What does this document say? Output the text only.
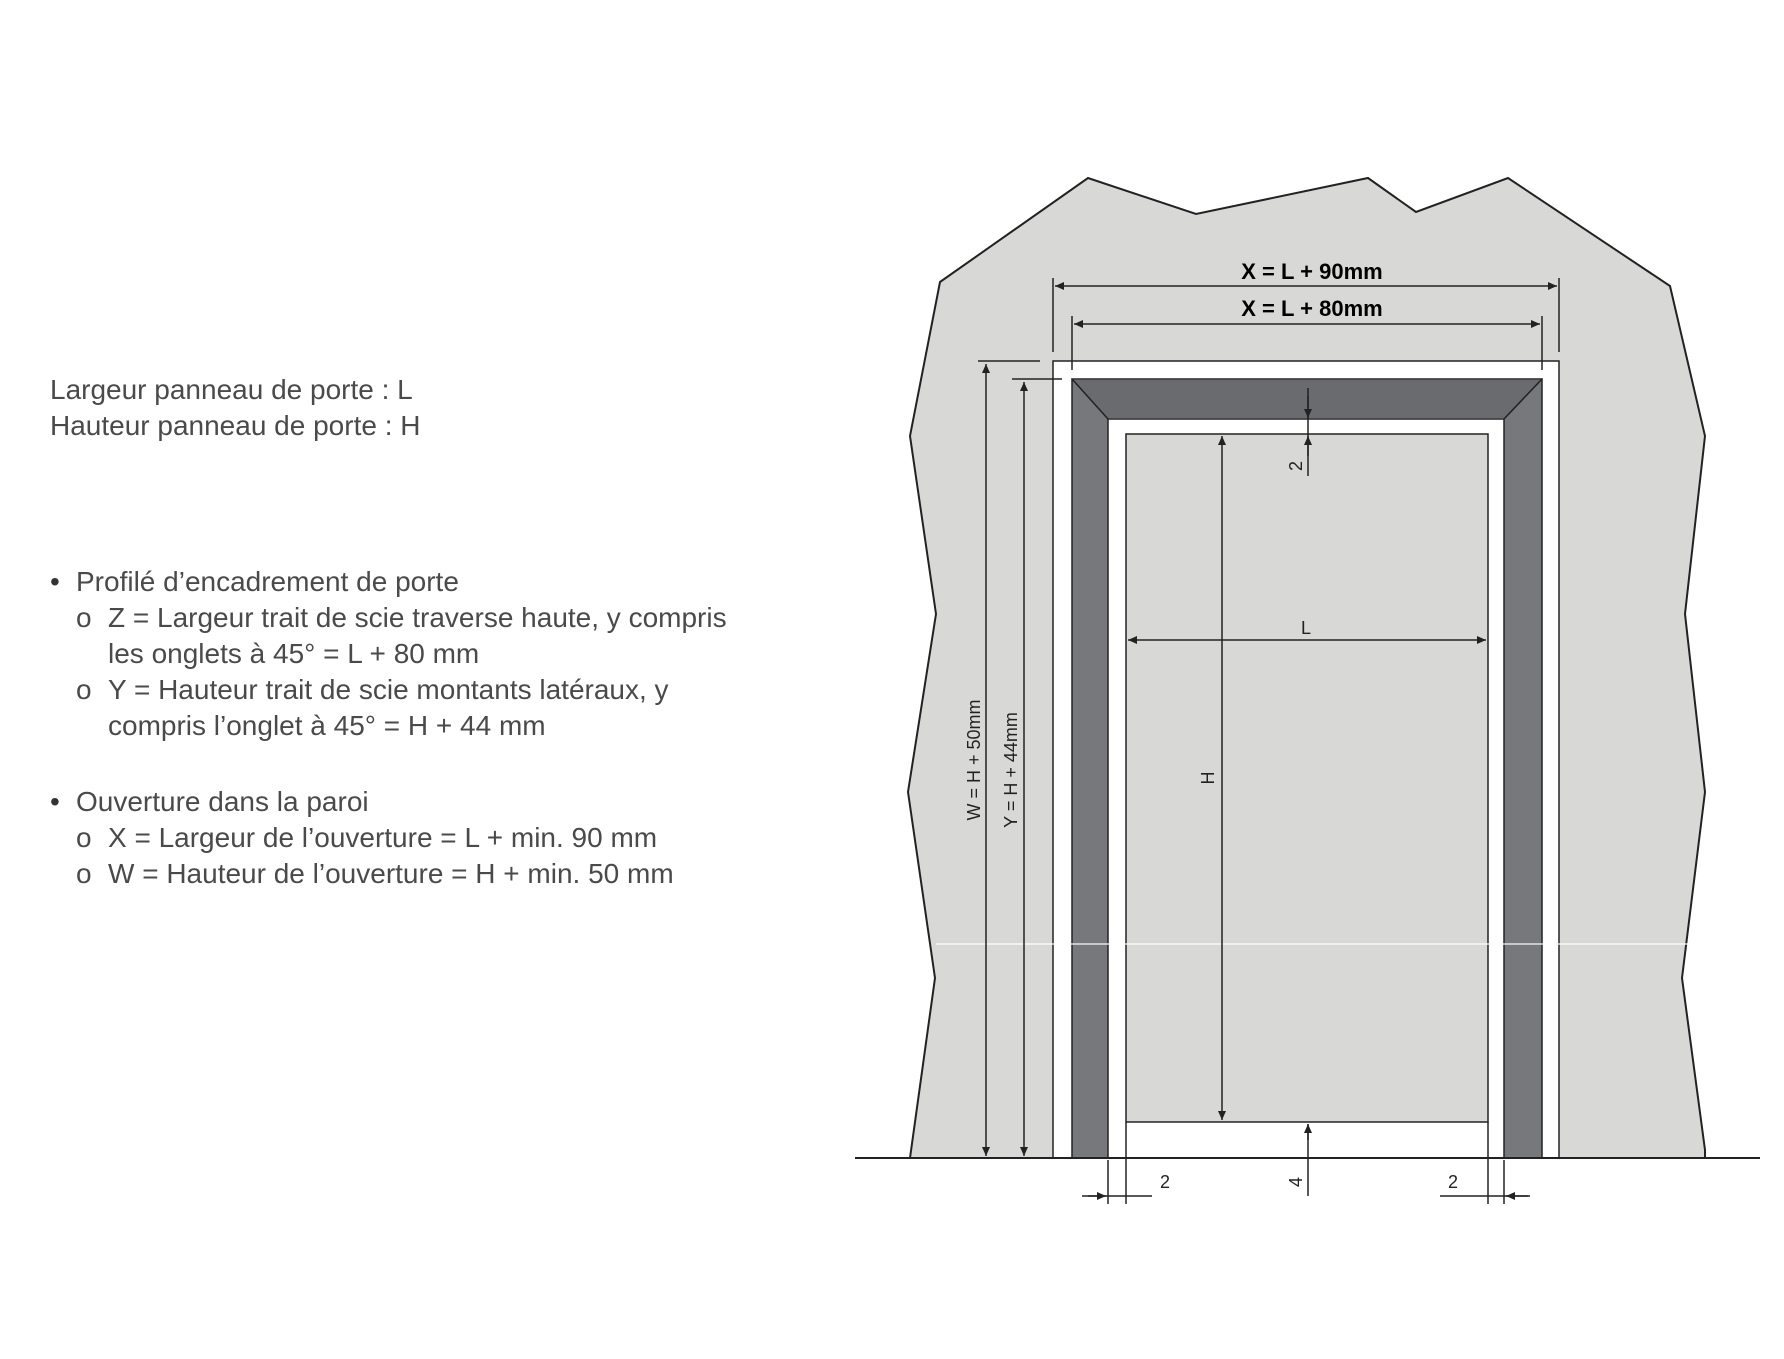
Largeur panneau de porte : L
Hauteur panneau de porte : H
• Profilé d’encadrement de porte
o Z = Largeur trait de scie traverse haute, y compris
les onglets à 45° = L + 80 mm
o Y = Hauteur trait de scie montants latéraux, y
compris l’onglet à 45° = H + 44 mm
• Ouverture dans la paroi
o X = Largeur de l’ouverture = L + min. 90 mm
o W = Hauteur de l’ouverture = H + min. 50 mm
X = L + 90mm
X = L + 80mm
W = H + 50mm Y = H + 44mm
L
H
2
4
2	2
